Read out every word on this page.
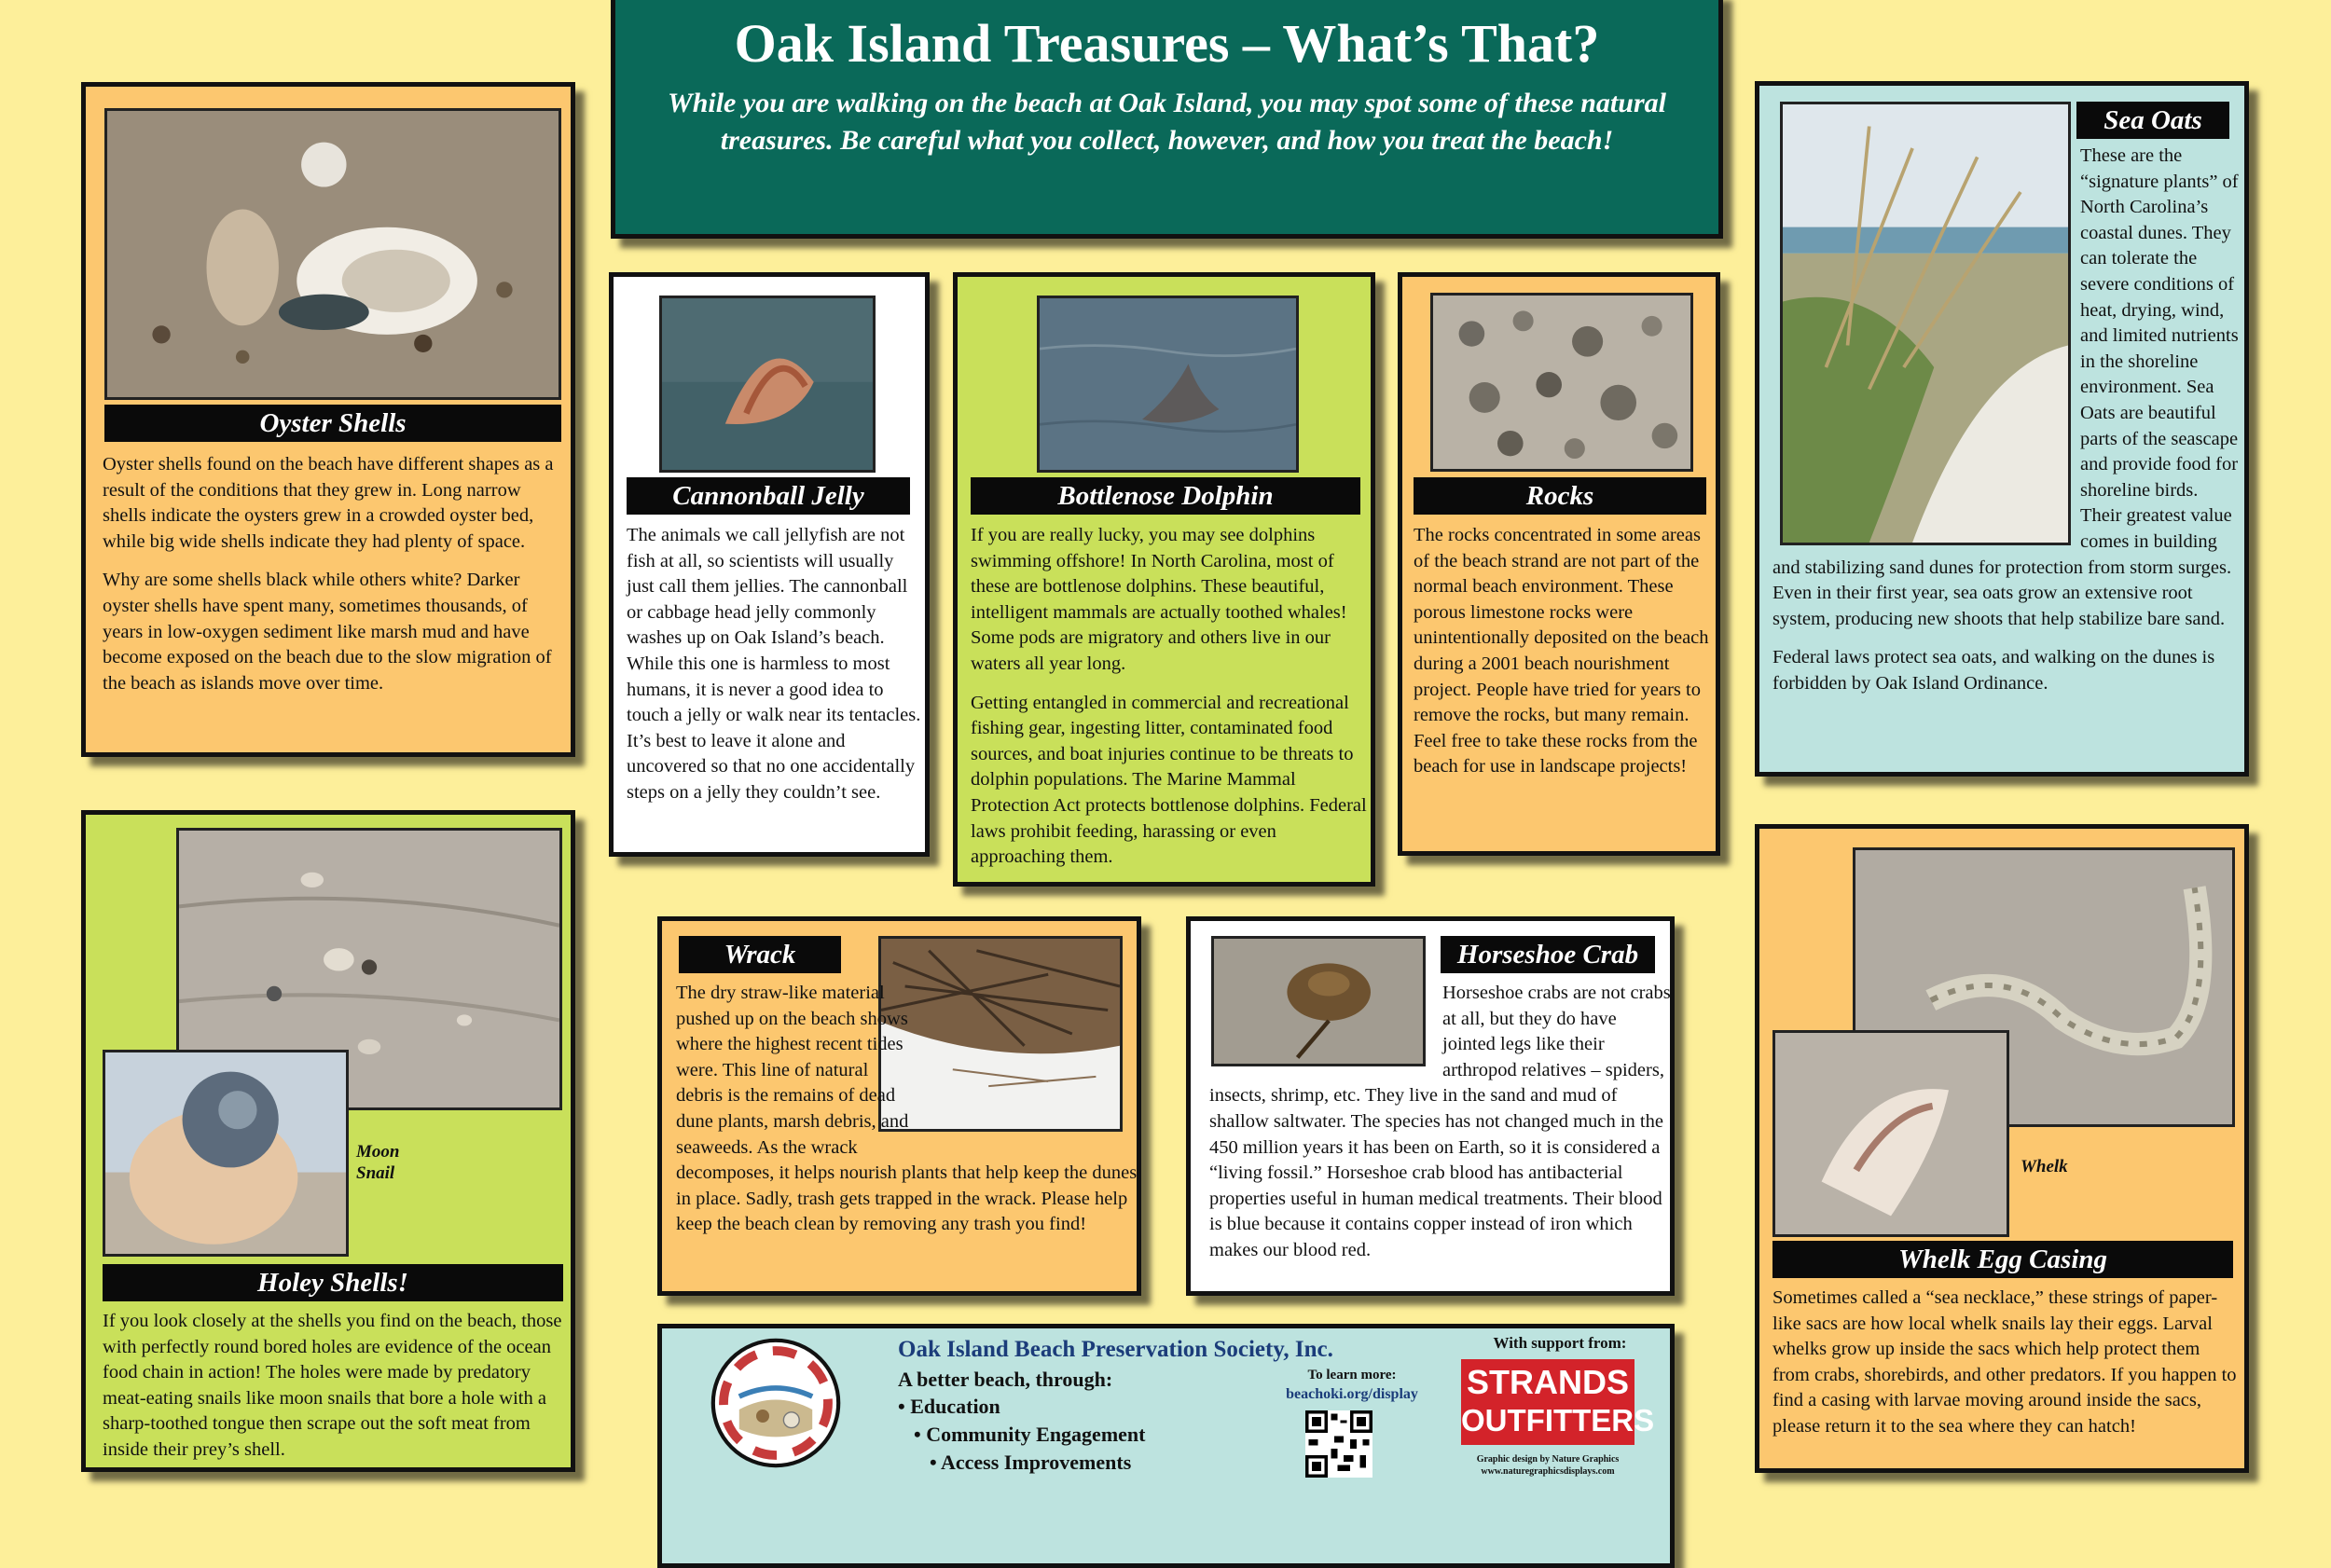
Oak Island Treasures – What’s That?
While you are walking on the beach at Oak Island, you may spot some of these natural treasures. Be careful what you collect, however, and how you treat the beach!
Oyster Shells

Oyster shells found on the beach have different shapes as a result of the conditions that they grew in. Long narrow shells indicate the oysters grew in a crowded oyster bed, while big wide shells indicate they had plenty of space.

Why are some shells black while others white? Darker oyster shells have spent many, sometimes thousands, of years in low-oxygen sediment like marsh mud and have become exposed on the beach due to the slow migration of the beach as islands move over time.

Cannonball Jelly

The animals we call jellyfish are not fish at all, so scientists will usually just call them jellies. The cannonball or cabbage head jelly commonly washes up on Oak Island’s beach. While this one is harmless to most humans, it is never a good idea to touch a jelly or walk near its tentacles. It’s best to leave it alone and uncovered so that no one accidentally steps on a jelly they couldn’t see.

Bottlenose Dolphin

If you are really lucky, you may see dolphins swimming offshore! In North Carolina, most of these are bottlenose dolphins. These beautiful, intelligent mammals are actually toothed whales! Some pods are migratory and others live in our waters all year long.

Getting entangled in commercial and recreational fishing gear, ingesting litter, contaminated food sources, and boat injuries continue to be threats to dolphin populations. The Marine Mammal Protection Act protects bottlenose dolphins. Federal laws prohibit feeding, harassing or even approaching them.

Rocks

The rocks concentrated in some areas of the beach strand are not part of the normal beach environment. These porous limestone rocks were unintentionally deposited on the beach during a 2001 beach nourishment project. People have tried for years to remove the rocks, but many remain. Feel free to take these rocks from the beach for use in landscape projects!

Sea Oats

These are the “signature plants” of North Carolina’s coastal dunes. They can tolerate the severe conditions of heat, drying, wind, and limited nutrients in the shoreline environment. Sea Oats are beautiful parts of the seascape and provide food for shoreline birds. Their greatest value comes in building and stabilizing sand dunes for protection from storm surges. Even in their first year, sea oats grow an extensive root system, producing new shoots that help stabilize bare sand.

Federal laws protect sea oats, and walking on the dunes is forbidden by Oak Island Ordinance.

Moon Snail
Holey Shells!

If you look closely at the shells you find on the beach, those with perfectly round bored holes are evidence of the ocean food chain in action! The holes were made by predatory meat-eating snails like moon snails that bore a hole with a sharp-toothed tongue then scrape out the soft meat from inside their prey’s shell.

Wrack

The dry straw-like material pushed up on the beach shows where the highest recent tides were. This line of natural debris is the remains of dead dune plants, marsh debris, and seaweeds. As the wrack decomposes, it helps nourish plants that help keep the dunes in place. Sadly, trash gets trapped in the wrack. Please help keep the beach clean by removing any trash you find!

Horseshoe Crab

Horseshoe crabs are not crabs at all, but they do have jointed legs like their arthropod relatives – spiders, insects, shrimp, etc. They live in the sand and mud of shallow saltwater. The species has not changed much in the 450 million years it has been on Earth, so it is considered a “living fossil.” Horseshoe crab blood has antibacterial properties useful in human medical treatments. Their blood is blue because it contains copper instead of iron which makes our blood red.

Whelk
Whelk Egg Casing

Sometimes called a “sea necklace,” these strings of paper-like sacs are how local whelk snails lay their eggs. Larval whelks grow up inside the sacs which help protect them from crabs, shorebirds, and other predators. If you happen to find a casing with larvae moving around inside the sacs, please return it to the sea where they can hatch!

Oak Island Beach Preservation Society, Inc.
A better beach, through:
• Education
• Community Engagement
• Access Improvements
To learn more:
beachoki.org/display
With support from:
STRANDS
OUTFITTERS
Graphic design by Nature Graphics
www.naturegraphicsdisplays.com
